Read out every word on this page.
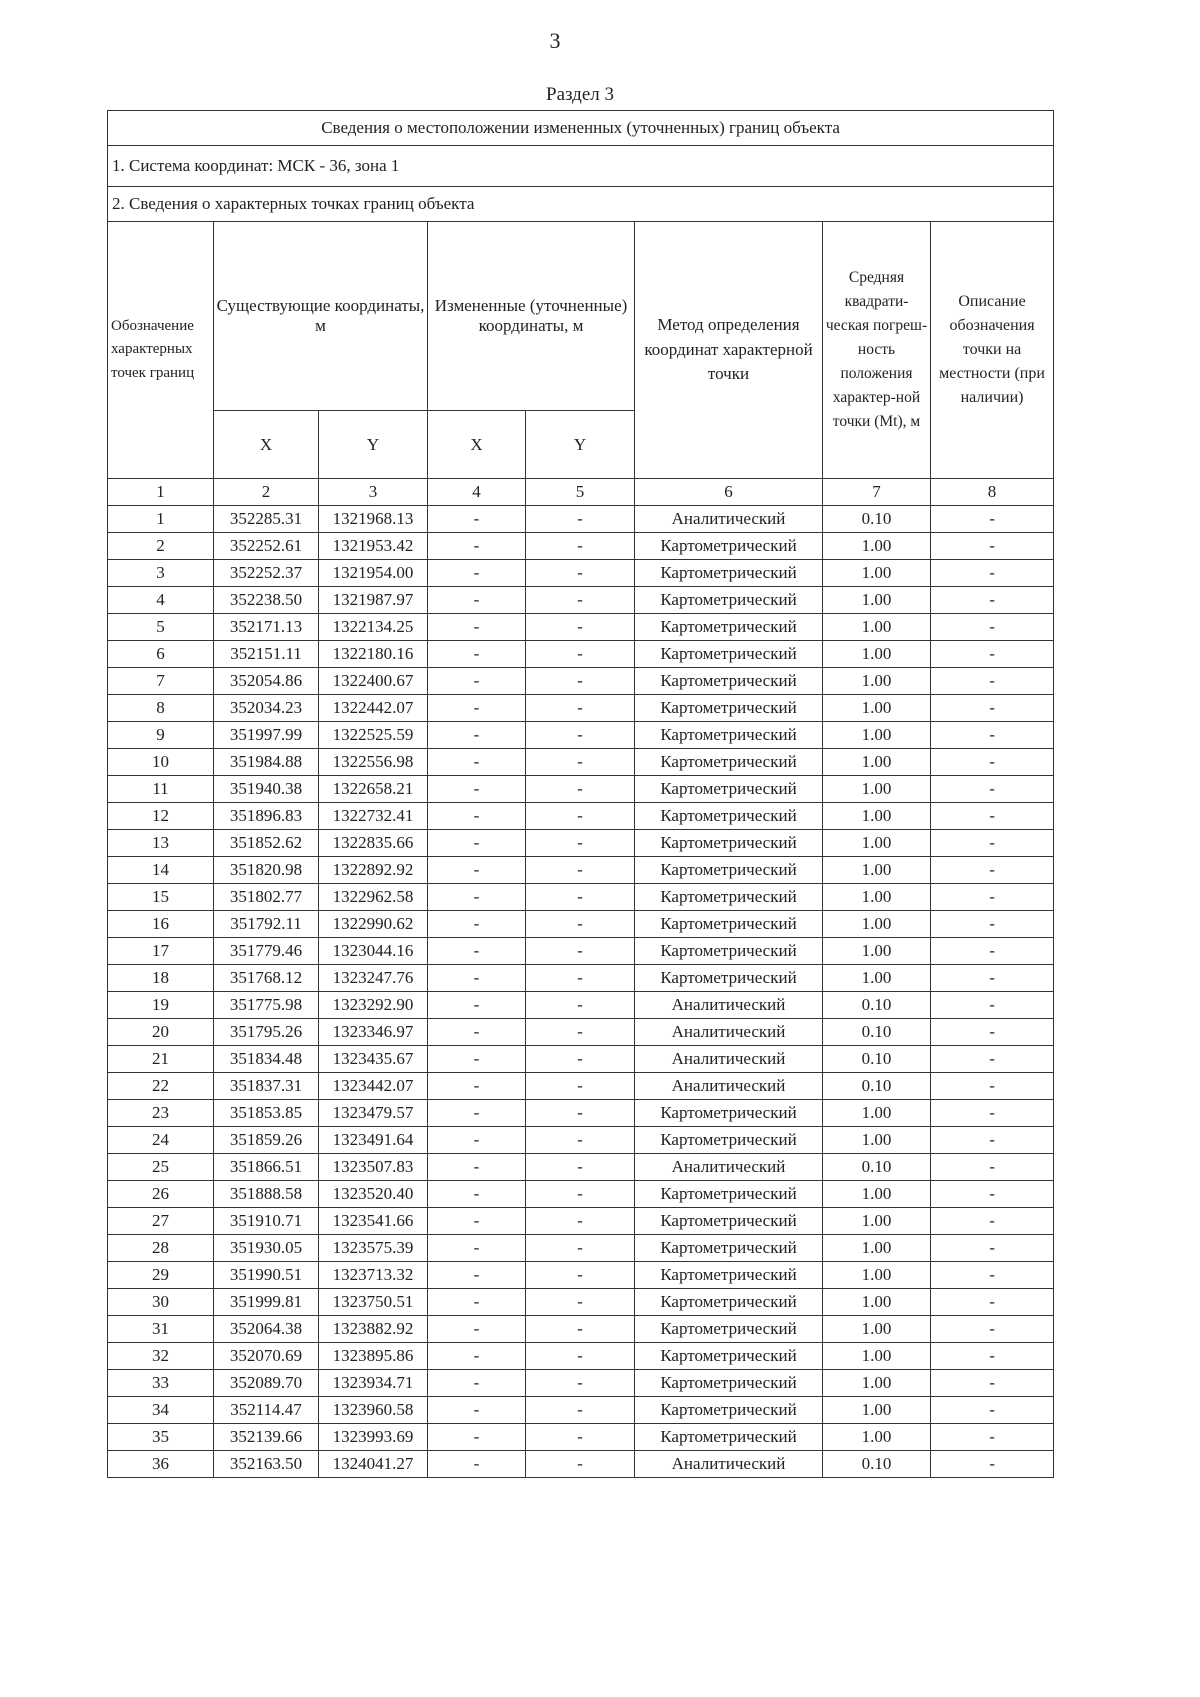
3
Раздел 3
Сведения о местоположении измененных (уточненных) границ объекта							
1. Система координат: МСК - 36, зона 1							
2. Сведения о характерных точках границ объекта							
Обозначение характерных точек границ	Существующие координаты, м		Измененные (уточненные) координаты, м		Метод определения координат характерной точки	Средняя квадрати-ческая погреш-ность положения характер-ной точки (Mt), м	Описание обозначения точки на местности (при наличии)
	X	Y	X	Y			
1	2	3	4	5	6	7	8
1	352285.31	1321968.13	-	-	Аналитический	0.10	-
2	352252.61	1321953.42	-	-	Картометрический	1.00	-
3	352252.37	1321954.00	-	-	Картометрический	1.00	-
4	352238.50	1321987.97	-	-	Картометрический	1.00	-
5	352171.13	1322134.25	-	-	Картометрический	1.00	-
6	352151.11	1322180.16	-	-	Картометрический	1.00	-
7	352054.86	1322400.67	-	-	Картометрический	1.00	-
8	352034.23	1322442.07	-	-	Картометрический	1.00	-
9	351997.99	1322525.59	-	-	Картометрический	1.00	-
10	351984.88	1322556.98	-	-	Картометрический	1.00	-
11	351940.38	1322658.21	-	-	Картометрический	1.00	-
12	351896.83	1322732.41	-	-	Картометрический	1.00	-
13	351852.62	1322835.66	-	-	Картометрический	1.00	-
14	351820.98	1322892.92	-	-	Картометрический	1.00	-
15	351802.77	1322962.58	-	-	Картометрический	1.00	-
16	351792.11	1322990.62	-	-	Картометрический	1.00	-
17	351779.46	1323044.16	-	-	Картометрический	1.00	-
18	351768.12	1323247.76	-	-	Картометрический	1.00	-
19	351775.98	1323292.90	-	-	Аналитический	0.10	-
20	351795.26	1323346.97	-	-	Аналитический	0.10	-
21	351834.48	1323435.67	-	-	Аналитический	0.10	-
22	351837.31	1323442.07	-	-	Аналитический	0.10	-
23	351853.85	1323479.57	-	-	Картометрический	1.00	-
24	351859.26	1323491.64	-	-	Картометрический	1.00	-
25	351866.51	1323507.83	-	-	Аналитический	0.10	-
26	351888.58	1323520.40	-	-	Картометрический	1.00	-
27	351910.71	1323541.66	-	-	Картометрический	1.00	-
28	351930.05	1323575.39	-	-	Картометрический	1.00	-
29	351990.51	1323713.32	-	-	Картометрический	1.00	-
30	351999.81	1323750.51	-	-	Картометрический	1.00	-
31	352064.38	1323882.92	-	-	Картометрический	1.00	-
32	352070.69	1323895.86	-	-	Картометрический	1.00	-
33	352089.70	1323934.71	-	-	Картометрический	1.00	-
34	352114.47	1323960.58	-	-	Картометрический	1.00	-
35	352139.66	1323993.69	-	-	Картометрический	1.00	-
36	352163.50	1324041.27	-	-	Аналитический	0.10	-
